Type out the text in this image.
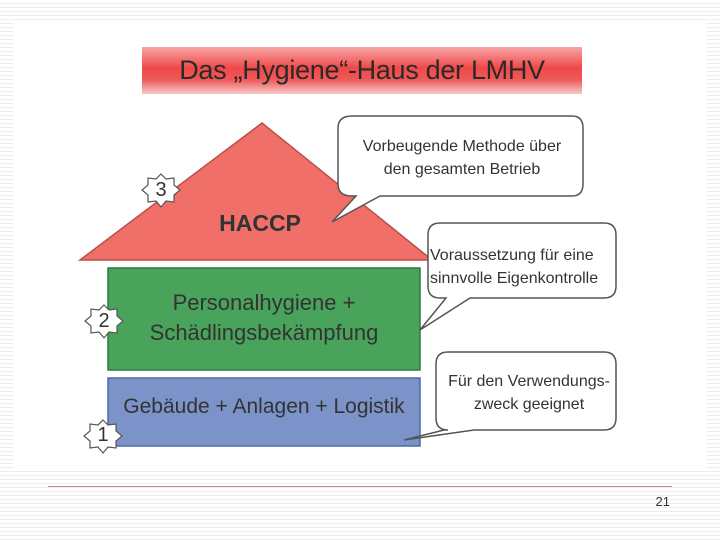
Das „Hygiene“-Haus der LMHV
3
2
1
HACCP
Personalhygiene +
Schädlingsbekämpfung
Gebäude + Anlagen + Logistik
Vorbeugende Methode über
den gesamten Betrieb
Voraussetzung für eine
sinnvolle Eigenkontrolle
Für den Verwendungs-
zweck geeignet
21
